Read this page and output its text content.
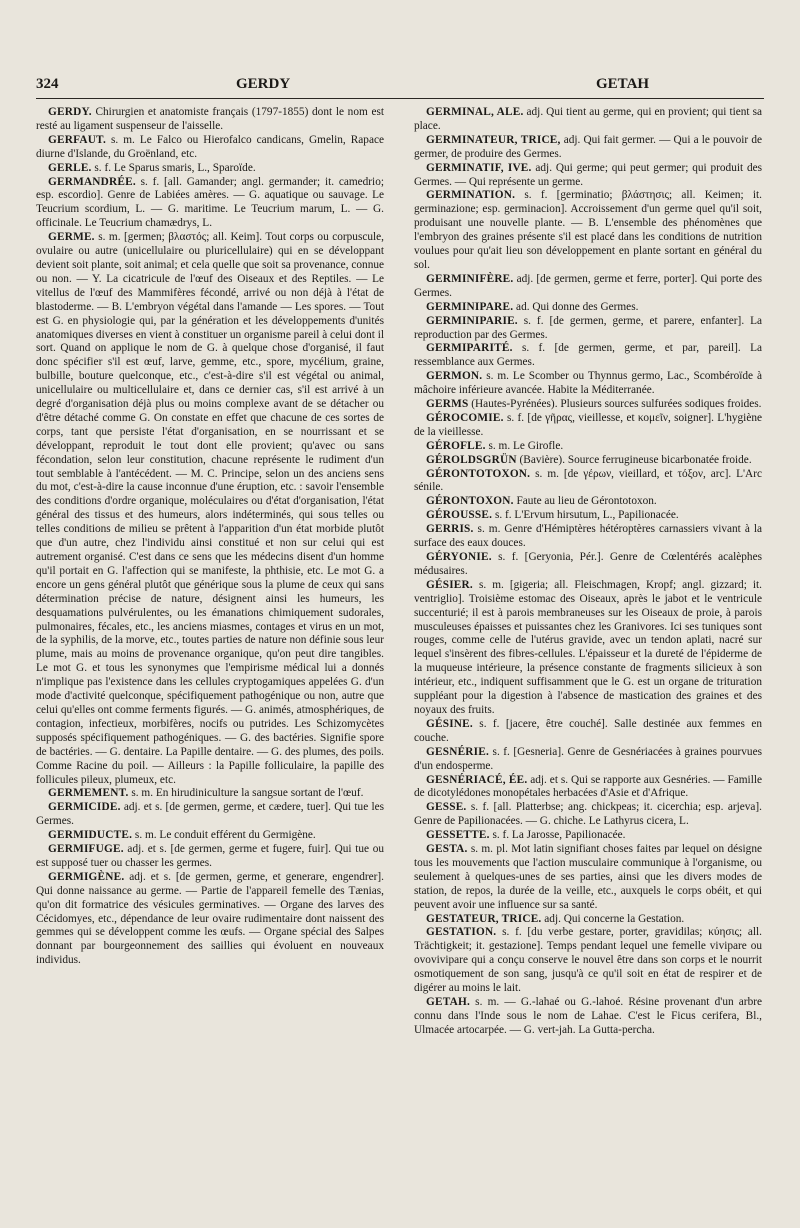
324	GERDY	GETAH

GERDY. Chirurgien et anatomiste français (1797-1855) dont le nom est resté au ligament suspenseur de l'aisselle.

GERFAUT. s. m. Le Falco ou Hierofalco candicans, Gmelin, Rapace diurne d'Islande, du Groënland, etc.

GERLE. s. f. Le Sparus smaris, L., Sparoïde.

GERMANDRÉE. s. f. [all. Gamander; angl. germander; it. camedrio; esp. escordio]. Genre de Labiées amères. — G. aquatique ou sauvage. Le Teucrium scordium, L. — G. maritime. Le Teucrium marum, L. — G. officinale. Le Teucrium chamædrys, L.

GERME. s. m. [germen; βλαστός; all. Keim]. Tout corps ou corpuscule, ovulaire ou autre (unicellulaire ou pluricellulaire) qui en se développant devient soit plante, soit animal; et cela quelle que soit sa provenance, connue ou non. — Y. La cicatricule de l'œuf des Oiseaux et des Reptiles. — Le vitellus de l'œuf des Mammifères fécondé, arrivé ou non déjà à l'état de blastoderme. — B. L'embryon végétal dans l'amande — Les spores. — Tout est G. en physiologie qui, par la génération et les développements d'unités anatomiques diverses en vient à constituer un organisme pareil à celui dont il sort. Quand on applique le nom de G. à quelque chose d'organisé, il faut donc spécifier s'il est œuf, larve, gemme, etc., spore, mycélium, graine, bulbille, bouture quelconque, etc., c'est-à-dire s'il est végétal ou animal, unicellulaire ou multicellulaire et, dans ce dernier cas, s'il est arrivé à un degré d'organisation déjà plus ou moins complexe avant de se détacher ou d'être détaché comme G. On constate en effet que chacune de ces sortes de corps, tant que persiste l'état d'organisation, en se nourrissant et se développant, reproduit le tout dont elle provient; qu'avec ou sans fécondation, selon leur constitution, chacune représente le rudiment d'un tout semblable à l'antécédent. — M. C. Principe, selon un des anciens sens du mot, c'est-à-dire la cause inconnue d'une éruption, etc. : savoir l'ensemble des conditions d'ordre organique, moléculaires ou d'état d'organisation, l'état général des tissus et des humeurs, alors indéterminés, qui sous telles ou telles conditions de milieu se prêtent à l'apparition d'un état morbide plutôt que d'un autre, chez l'individu ainsi constitué et non sur celui qui est autrement organisé. C'est dans ce sens que les médecins disent d'un homme qu'il portait en G. l'affection qui se manifeste, la phthisie, etc. Le mot G. a encore un gens général plutôt que générique sous la plume de ceux qui sans détermination précise de nature, désignent ainsi les humeurs, les desquamations pulvérulentes, ou les émanations chimiquement sudorales, pulmonaires, fécales, etc., les anciens miasmes, contages et virus en un mot, de la syphilis, de la morve, etc., toutes parties de nature non définie sous leur plume, mais au moins de provenance organique, qu'on peut dire tangibles. Le mot G. et tous les synonymes que l'empirisme médical lui a donnés n'implique pas l'existence dans les cellules cryptogamiques appelées G. d'un mode d'activité quelconque, spécifiquement pathogénique ou non, autre que celui qu'elles ont comme ferments figurés. — G. animés, atmosphériques, de contagion, infectieux, morbifères, nocifs ou putrides. Les Schizomycètes supposés spécifiquement pathogéniques. — G. des bactéries. Signifie spore de bactéries. — G. dentaire. La Papille dentaire. — G. des plumes, des poils. Comme Racine du poil. — Ailleurs : la Papille folliculaire, la papille des follicules pileux, plumeux, etc.

GERMEMENT. s. m. En hirudiniculture la sangsue sortant de l'œuf.

GERMICIDE. adj. et s. [de germen, germe, et cædere, tuer]. Qui tue les Germes.

GERMIDUCTE. s. m. Le conduit efférent du Germigène.

GERMIFUGE. adj. et s. [de germen, germe et fugere, fuir]. Qui tue ou est supposé tuer ou chasser les germes.

GERMIGÈNE. adj. et s. [de germen, germe, et generare, engendrer]. Qui donne naissance au germe. — Partie de l'appareil femelle des Tænias, qu'on dit formatrice des vésicules germinatives. — Organe des larves des Cécidomyes, etc., dépendance de leur ovaire rudimentaire dont naissent des gemmes qui se développent comme les œufs. — Organe spécial des Salpes donnant par bourgeonnement des saillies qui évoluent en nouveaux individus.

GERMINAL, ALE. adj. Qui tient au germe, qui en provient; qui tient sa place.

GERMINATEUR, TRICE, adj. Qui fait germer. — Qui a le pouvoir de germer, de produire des Germes.

GERMINATIF, IVE. adj. Qui germe; qui peut germer; qui produit des Germes. — Qui représente un germe.

GERMINATION. s. f. [germinatio; βλάστησις; all. Keimen; it. germinazione; esp. germinacion]. Accroissement d'un germe quel qu'il soit, produisant une nouvelle plante. — B. L'ensemble des phénomènes que l'embryon des graines présente s'il est placé dans les conditions de nutrition voulues pour qu'ait lieu son développement en plante sortant en général du sol.

GERMINIFÈRE. adj. [de germen, germe et ferre, porter]. Qui porte des Germes.

GERMINIPARE. ad. Qui donne des Germes.

GERMINIPARIE. s. f. [de germen, germe, et parere, enfanter]. La reproduction par des Germes.

GERMIPARITÉ. s. f. [de germen, germe, et par, pareil]. La ressemblance aux Germes.

GERMON. s. m. Le Scomber ou Thynnus germo, Lac., Scombéroïde à mâchoire inférieure avancée. Habite la Méditerranée.

GERMS (Hautes-Pyrénées). Plusieurs sources sulfurées sodiques froides.

GÉROCOMIE. s. f. [de γῆρας, vieillesse, et κομεῖν, soigner]. L'hygiène de la vieillesse.

GÉROFLE. s. m. Le Girofle.

GÉROLDSGRÜN (Bavière). Source ferrugineuse bicarbonatée froide.

GÉRONTOTOXON. s. m. [de γέρων, vieillard, et τόξον, arc]. L'Arc sénile.

GÉRONTOXON. Faute au lieu de Gérontotoxon.

GÉROUSSE. s. f. L'Ervum hirsutum, L., Papilionacée.

GERRIS. s. m. Genre d'Hémiptères hétéroptères carnassiers vivant à la surface des eaux douces.

GÉRYONIE. s. f. [Geryonia, Pér.]. Genre de Cœlentérés acalèphes médusaires.

GÉSIER. s. m. [gigeria; all. Fleischmagen, Kropf; angl. gizzard; it. ventriglio]. Troisième estomac des Oiseaux, après le jabot et le ventricule succenturié; il est à parois membraneuses sur les Oiseaux de proie, à parois musculeuses épaisses et puissantes chez les Granivores. Ici ses tuniques sont rouges, comme celle de l'utérus gravide, avec un tendon aplati, nacré sur lequel s'insèrent des fibres-cellules. L'épaisseur et la dureté de l'épiderme de la muqueuse intérieure, la présence constante de fragments silicieux à son intérieur, etc., indiquent suffisamment que le G. est un organe de trituration suppléant pour la digestion à l'absence de mastication des graines et des noyaux des fruits.

GÉSINE. s. f. [jacere, être couché]. Salle destinée aux femmes en couche.

GESNÉRIE. s. f. [Gesneria]. Genre de Gesnériacées à graines pourvues d'un endosperme.

GESNÉRIACÉ, ÉE. adj. et s. Qui se rapporte aux Gesnéries. — Famille de dicotylédones monopétales herbacées d'Asie et d'Afrique.

GESSE. s. f. [all. Platterbse; ang. chickpeas; it. cicerchia; esp. arjeva]. Genre de Papilionacées. — G. chiche. Le Lathyrus cicera, L.

GESSETTE. s. f. La Jarosse, Papilionacée.

GESTA. s. m. pl. Mot latin signifiant choses faites par lequel on désigne tous les mouvements que l'action musculaire communique à l'organisme, ou seulement à quelques-unes de ses parties, ainsi que les divers modes de station, de repos, la durée de la veille, etc., auxquels le corps obéit, et qui peuvent avoir une influence sur sa santé.

GESTATEUR, TRICE. adj. Qui concerne la Gestation.

GESTATION. s. f. [du verbe gestare, porter, gravidilas; κύησις; all. Trächtigkeit; it. gestazione]. Temps pendant lequel une femelle vivipare ou ovovivipare qui a conçu conserve le nouvel être dans son corps et le nourrit osmotiquement de son sang, jusqu'à ce qu'il soit en état de respirer et de digérer au moins le lait.

GETAH. s. m. — G.-lahaé ou G.-lahoé. Résine provenant d'un arbre connu dans l'Inde sous le nom de Lahae. C'est le Ficus cerifera, Bl., Ulmacée artocarpée. — G. vert-jah. La Gutta-percha.
